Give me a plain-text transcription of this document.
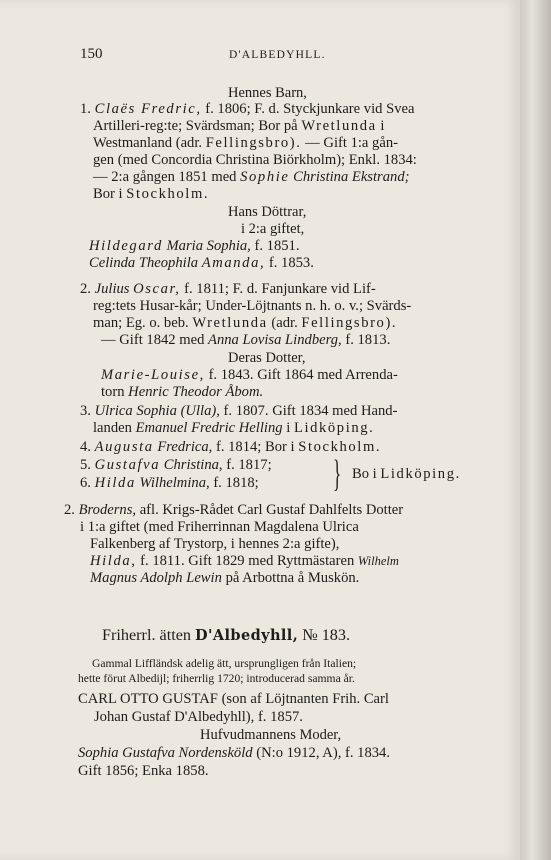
150	D'ALBEDYHLL.
Hennes Barn,
1. Claës Fredric, f. 1806; F. d. Styckjunkare vid Svea
Artilleri-reg:te; Svärdsman; Bor på Wretlunda i
Westmanland (adr. Fellingsbro). — Gift 1:a gån-
gen (med Concordia Christina Biörkholm); Enkl. 1834:
— 2:a gången 1851 med Sophie Christina Ekstrand;
Bor i Stockholm.
Hans Döttrar,
i 2:a giftet,
Hildegard Maria Sophia, f. 1851.
Celinda Theophila Amanda, f. 1853.
2. Julius Oscar, f. 1811; F. d. Fanjunkare vid Lif-
reg:tets Husar-kår; Under-Löjtnants n. h. o. v.; Svärds-
man; Eg. o. beb. Wretlunda (adr. Fellingsbro).
— Gift 1842 med Anna Lovisa Lindberg, f. 1813.
Deras Dotter,
Marie-Louise, f. 1843. Gift 1864 med Arrenda-
torn Henric Theodor Åbom.
3. Ulrica Sophia (Ulla), f. 1807. Gift 1834 med Hand-
landen Emanuel Fredric Helling i Lidköping.
4. Augusta Fredrica, f. 1814; Bor i Stockholm.
5. Gustafva Christina, f. 1817;
6. Hilda Wilhelmina, f. 1818; } Bo i Lidköping.
2. Broderns, afl. Krigs-Rådet Carl Gustaf Dahlfelts Dotter
i 1:a giftet (med Friherrinnan Magdalena Ulrica
Falkenberg af Trystorp, i hennes 2:a gifte),
Hilda, f. 1811. Gift 1829 med Ryttmästaren Wilhelm
Magnus Adolph Lewin på Arbottna å Muskön.
Friherrl. ätten D'Albedyhll, № 183.
Gammal Liffländsk adelig ätt, ursprungligen från Italien;
hette förut Albedijl; friherrlig 1720; introducerad samma år.
CARL OTTO GUSTAF (son af Löjtnanten Frih. Carl
Johan Gustaf D'Albedyhll), f. 1857.
Hufvudmannens Moder,
Sophia Gustafva Nordensköld (N:o 1912, A), f. 1834.
Gift 1856; Enka 1858.
